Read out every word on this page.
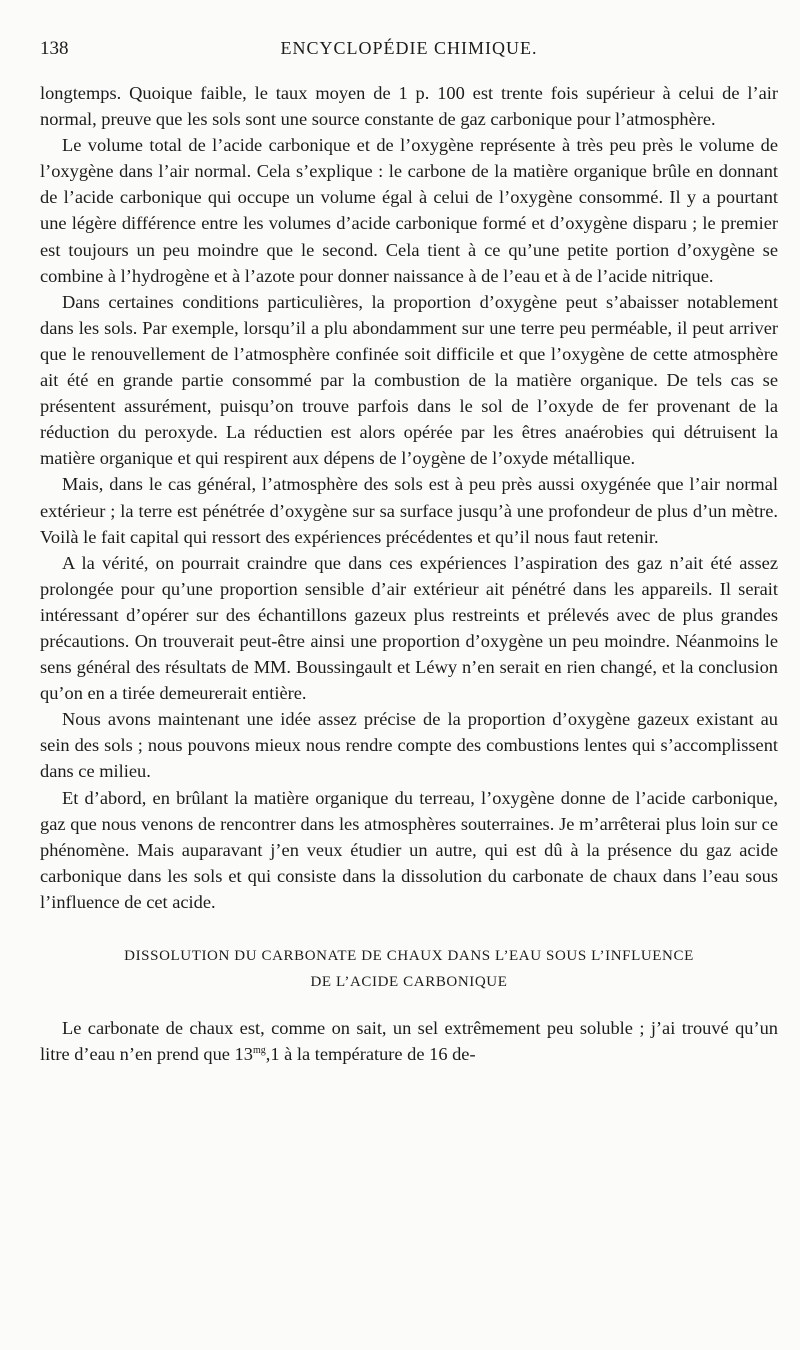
138	ENCYCLOPÉDIE CHIMIQUE.

longtemps. Quoique faible, le taux moyen de 1 p. 100 est trente fois supérieur à celui de l’air normal, preuve que les sols sont une source constante de gaz carbonique pour l’atmosphère.

Le volume total de l’acide carbonique et de l’oxygène représente à très peu près le volume de l’oxygène dans l’air normal. Cela s’explique : le carbone de la matière organique brûle en donnant de l’acide carbonique qui occupe un volume égal à celui de l’oxygène consommé. Il y a pourtant une légère différence entre les volumes d’acide carbonique formé et d’oxygène disparu ; le premier est toujours un peu moindre que le second. Cela tient à ce qu’une petite portion d’oxygène se combine à l’hydrogène et à l’azote pour donner naissance à de l’eau et à de l’acide nitrique.

Dans certaines conditions particulières, la proportion d’oxygène peut s’abaisser notablement dans les sols. Par exemple, lorsqu’il a plu abondamment sur une terre peu perméable, il peut arriver que le renouvellement de l’atmosphère confinée soit difficile et que l’oxygène de cette atmosphère ait été en grande partie consommé par la combustion de la matière organique. De tels cas se présentent assurément, puisqu’on trouve parfois dans le sol de l’oxyde de fer provenant de la réduction du peroxyde. La réductien est alors opérée par les êtres anaérobies qui détruisent la matière organique et qui respirent aux dépens de l’oygène de l’oxyde métallique.

Mais, dans le cas général, l’atmosphère des sols est à peu près aussi oxygénée que l’air normal extérieur ; la terre est pénétrée d’oxygène sur sa surface jusqu’à une profondeur de plus d’un mètre. Voilà le fait capital qui ressort des expériences précédentes et qu’il nous faut retenir.

A la vérité, on pourrait craindre que dans ces expériences l’aspiration des gaz n’ait été assez prolongée pour qu’une proportion sensible d’air extérieur ait pénétré dans les appareils. Il serait intéressant d’opérer sur des échantillons gazeux plus restreints et prélevés avec de plus grandes précautions. On trouverait peut-être ainsi une proportion d’oxygène un peu moindre. Néanmoins le sens général des résultats de MM. Boussingault et Léwy n’en serait en rien changé, et la conclusion qu’on en a tirée demeurerait entière.

Nous avons maintenant une idée assez précise de la proportion d’oxygène gazeux existant au sein des sols ; nous pouvons mieux nous rendre compte des combustions lentes qui s’accomplissent dans ce milieu.

Et d’abord, en brûlant la matière organique du terreau, l’oxygène donne de l’acide carbonique, gaz que nous venons de rencontrer dans les atmosphères souterraines. Je m’arrêterai plus loin sur ce phénomène. Mais auparavant j’en veux étudier un autre, qui est dû à la présence du gaz acide carbonique dans les sols et qui consiste dans la dissolution du carbonate de chaux dans l’eau sous l’influence de cet acide.

DISSOLUTION DU CARBONATE DE CHAUX DANS L’EAU SOUS L’INFLUENCE
DE L’ACIDE CARBONIQUE

Le carbonate de chaux est, comme on sait, un sel extrêmement peu soluble ; j’ai trouvé qu’un litre d’eau n’en prend que $13^{mg},1$ à la température de 16 de-
